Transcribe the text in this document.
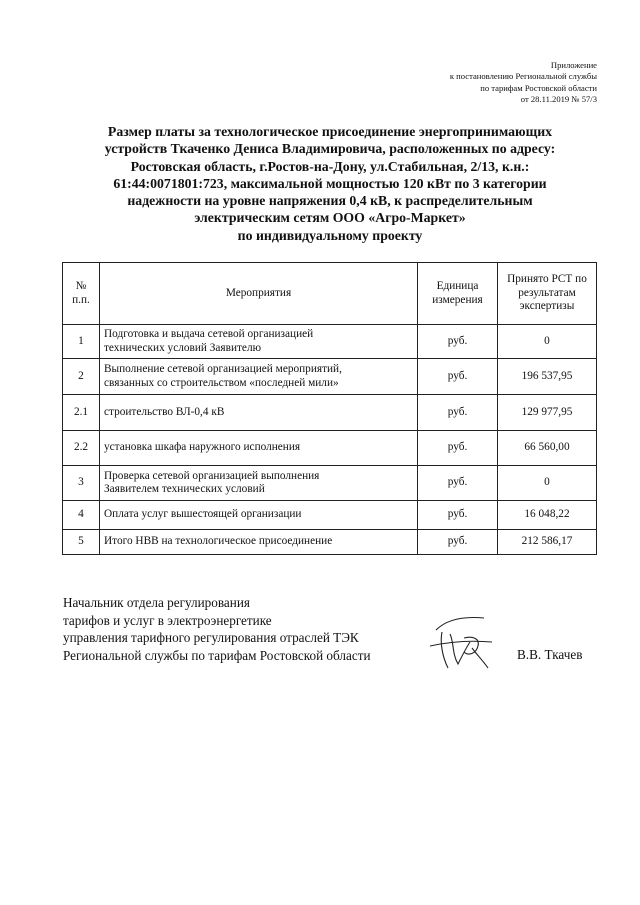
Приложение
к постановлению Региональной службы
по тарифам Ростовской области
от 28.11.2019 № 57/3
Размер платы за технологическое присоединение энергопринимающих
устройств Ткаченко Дениса Владимировича, расположенных по адресу:
Ростовская область, г.Ростов-на-Дону, ул.Стабильная, 2/13, к.н.:
61:44:0071801:723, максимальной мощностью 120 кВт по 3 категории
надежности на уровне напряжения 0,4 кВ, к распределительным
электрическим сетям ООО «Агро-Маркет»
по индивидуальному проекту
№ п.п.	Мероприятия	Единица измерения	Принято РСТ по результатам экспертизы
1	Подготовка и выдача сетевой организацией
технических условий Заявителю	руб.	0
2	Выполнение сетевой организацией мероприятий,
связанных со строительством «последней мили»	руб.	196 537,95
2.1	строительство ВЛ-0,4 кВ	руб.	129 977,95
2.2	установка шкафа наружного исполнения	руб.	66 560,00
3	Проверка сетевой организацией выполнения
Заявителем технических условий	руб.	0
4	Оплата услуг вышестоящей организации	руб.	16 048,22
5	Итого НВВ на технологическое присоединение	руб.	212 586,17
Начальник отдела регулирования
тарифов и услуг в электроэнергетике
управления тарифного регулирования отраслей ТЭК
Региональной службы по тарифам Ростовской области	В.В. Ткачев
